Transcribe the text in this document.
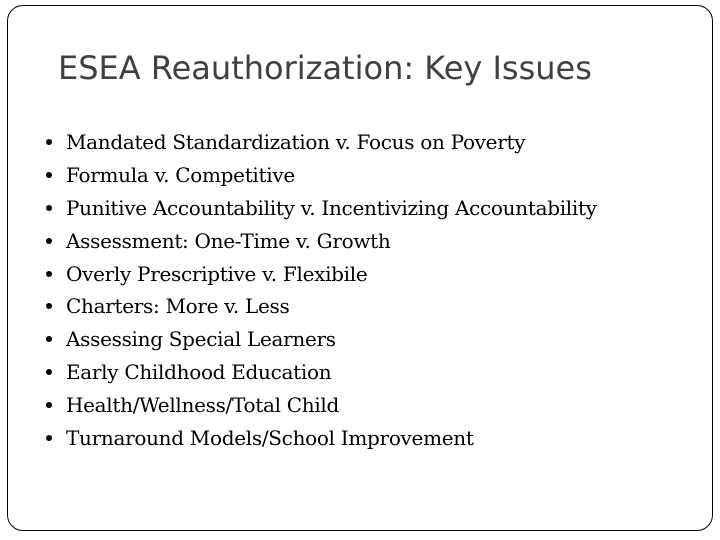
ESEA Reauthorization: Key Issues
Mandated Standardization v. Focus on Poverty
Formula v. Competitive
Punitive Accountability v. Incentivizing Accountability
Assessment: One-Time v. Growth
Overly Prescriptive v. Flexibile
Charters: More v. Less
Assessing Special Learners
Early Childhood Education
Health/Wellness/Total Child
Turnaround Models/School Improvement
